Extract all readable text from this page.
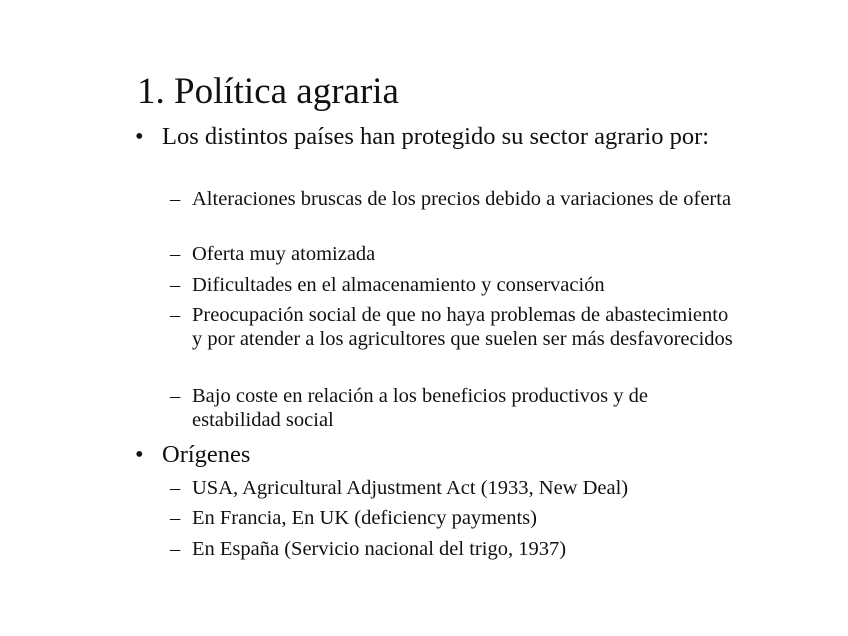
1. Política agraria
• Los distintos países han protegido su sector agrario por:
– Alteraciones bruscas de los precios debido a variaciones de oferta
– Oferta muy atomizada
– Dificultades en el almacenamiento y conservación
– Preocupación social de que no haya problemas de abastecimiento y por atender a los agricultores que suelen ser más desfavorecidos
– Bajo coste en relación a los beneficios productivos y de estabilidad social
• Orígenes
– USA, Agricultural Adjustment Act (1933, New Deal)
– En Francia, En UK (deficiency payments)
– En España (Servicio nacional del trigo, 1937)
